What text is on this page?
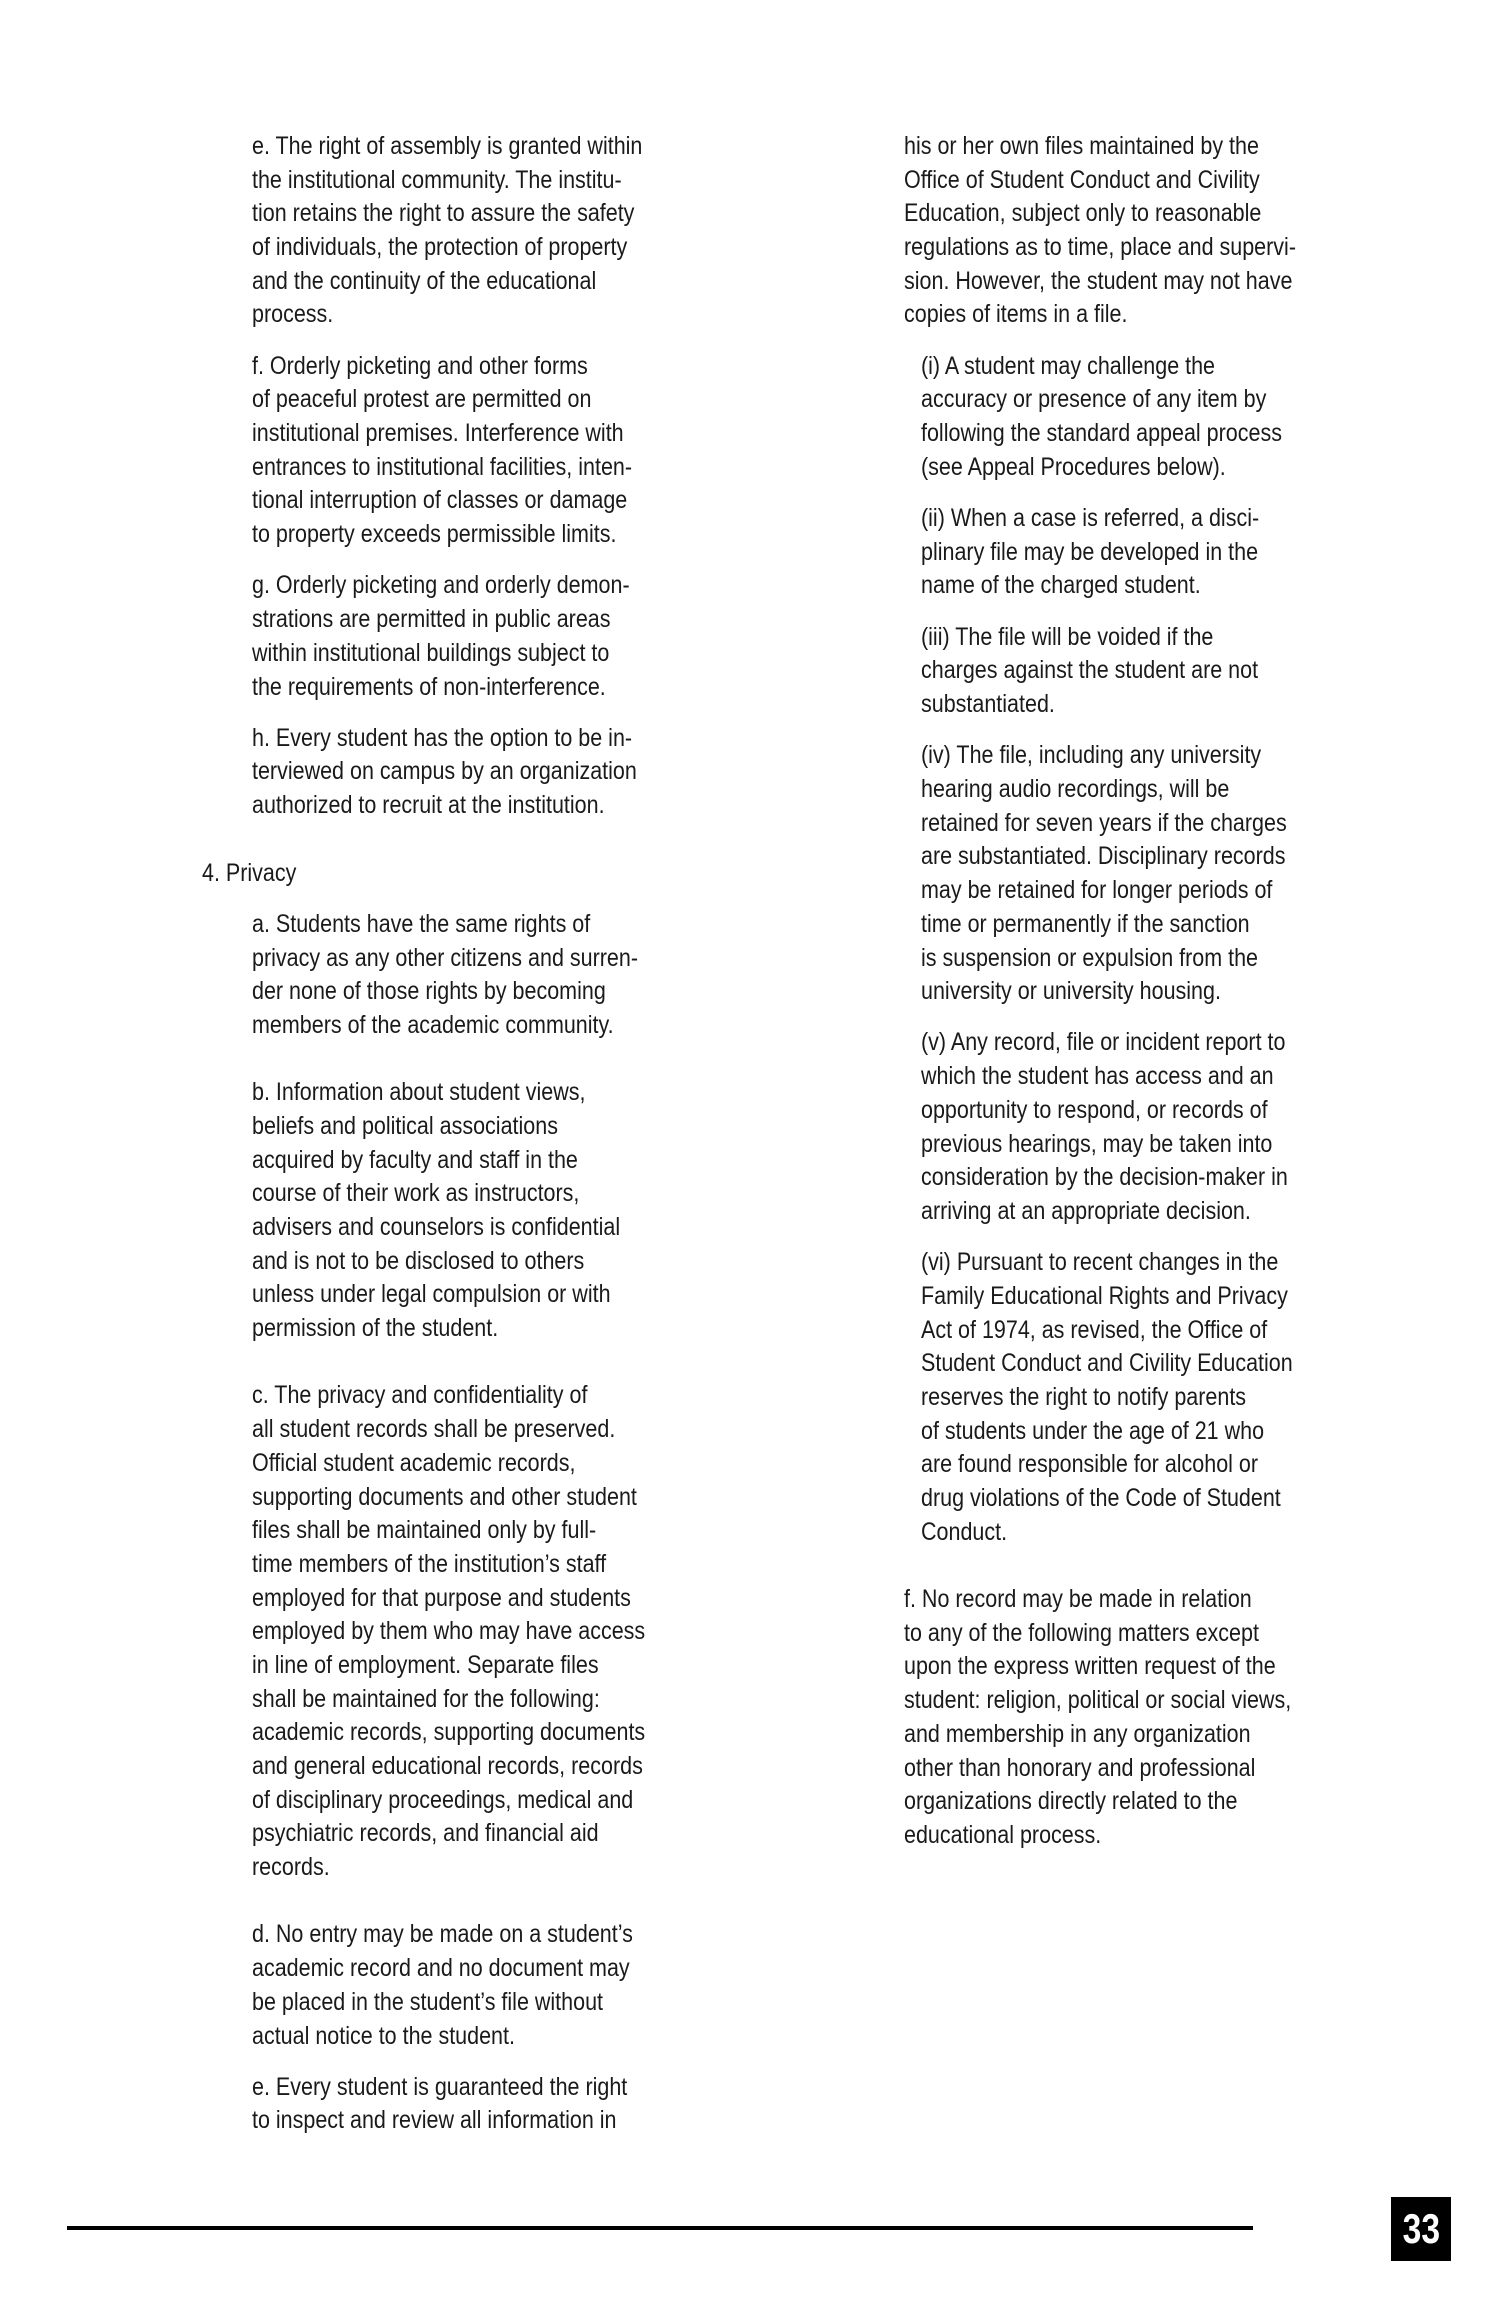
e. The right of assembly is granted within
the institutional community. The institu-
tion retains the right to assure the safety
of individuals, the protection of property
and the continuity of the educational
process.
f. Orderly picketing and other forms
of peaceful protest are permitted on
institutional premises. Interference with
entrances to institutional facilities, inten-
tional interruption of classes or damage
to property exceeds permissible limits.
g. Orderly picketing and orderly demon-
strations are permitted in public areas
within institutional buildings subject to
the requirements of non-interference.
h. Every student has the option to be in-
terviewed on campus by an organization
authorized to recruit at the institution.
4. Privacy
a. Students have the same rights of
privacy as any other citizens and surren-
der none of those rights by becoming
members of the academic community.
b. Information about student views,
beliefs and political associations
acquired by faculty and staff in the
course of their work as instructors,
advisers and counselors is confidential
and is not to be disclosed to others
unless under legal compulsion or with
permission of the student.
c. The privacy and confidentiality of
all student records shall be preserved.
Official student academic records,
supporting documents and other student
files shall be maintained only by full-
time members of the institution’s staff
employed for that purpose and students
employed by them who may have access
in line of employment. Separate files
shall be maintained for the following:
academic records, supporting documents
and general educational records, records
of disciplinary proceedings, medical and
psychiatric records, and financial aid
records.
d. No entry may be made on a student’s
academic record and no document may
be placed in the student’s file without
actual notice to the student.
e. Every student is guaranteed the right
to inspect and review all information in
his or her own files maintained by the
Office of Student Conduct and Civility
Education, subject only to reasonable
regulations as to time, place and supervi-
sion. However, the student may not have
copies of items in a file.
(i) A student may challenge the
accuracy or presence of any item by
following the standard appeal process
(see Appeal Procedures below).
(ii) When a case is referred, a disci-
plinary file may be developed in the
name of the charged student.
(iii) The file will be voided if the
charges against the student are not
substantiated.
(iv) The file, including any university
hearing audio recordings, will be
retained for seven years if the charges
are substantiated. Disciplinary records
may be retained for longer periods of
time or permanently if the sanction
is suspension or expulsion from the
university or university housing.
(v) Any record, file or incident report to
which the student has access and an
opportunity to respond, or records of
previous hearings, may be taken into
consideration by the decision-maker in
arriving at an appropriate decision.
(vi) Pursuant to recent changes in the
Family Educational Rights and Privacy
Act of 1974, as revised, the Office of
Student Conduct and Civility Education
reserves the right to notify parents
of students under the age of 21 who
are found responsible for alcohol or
drug violations of the Code of Student
Conduct.
f. No record may be made in relation
to any of the following matters except
upon the express written request of the
student: religion, political or social views,
and membership in any organization
other than honorary and professional
organizations directly related to the
educational process.
33
